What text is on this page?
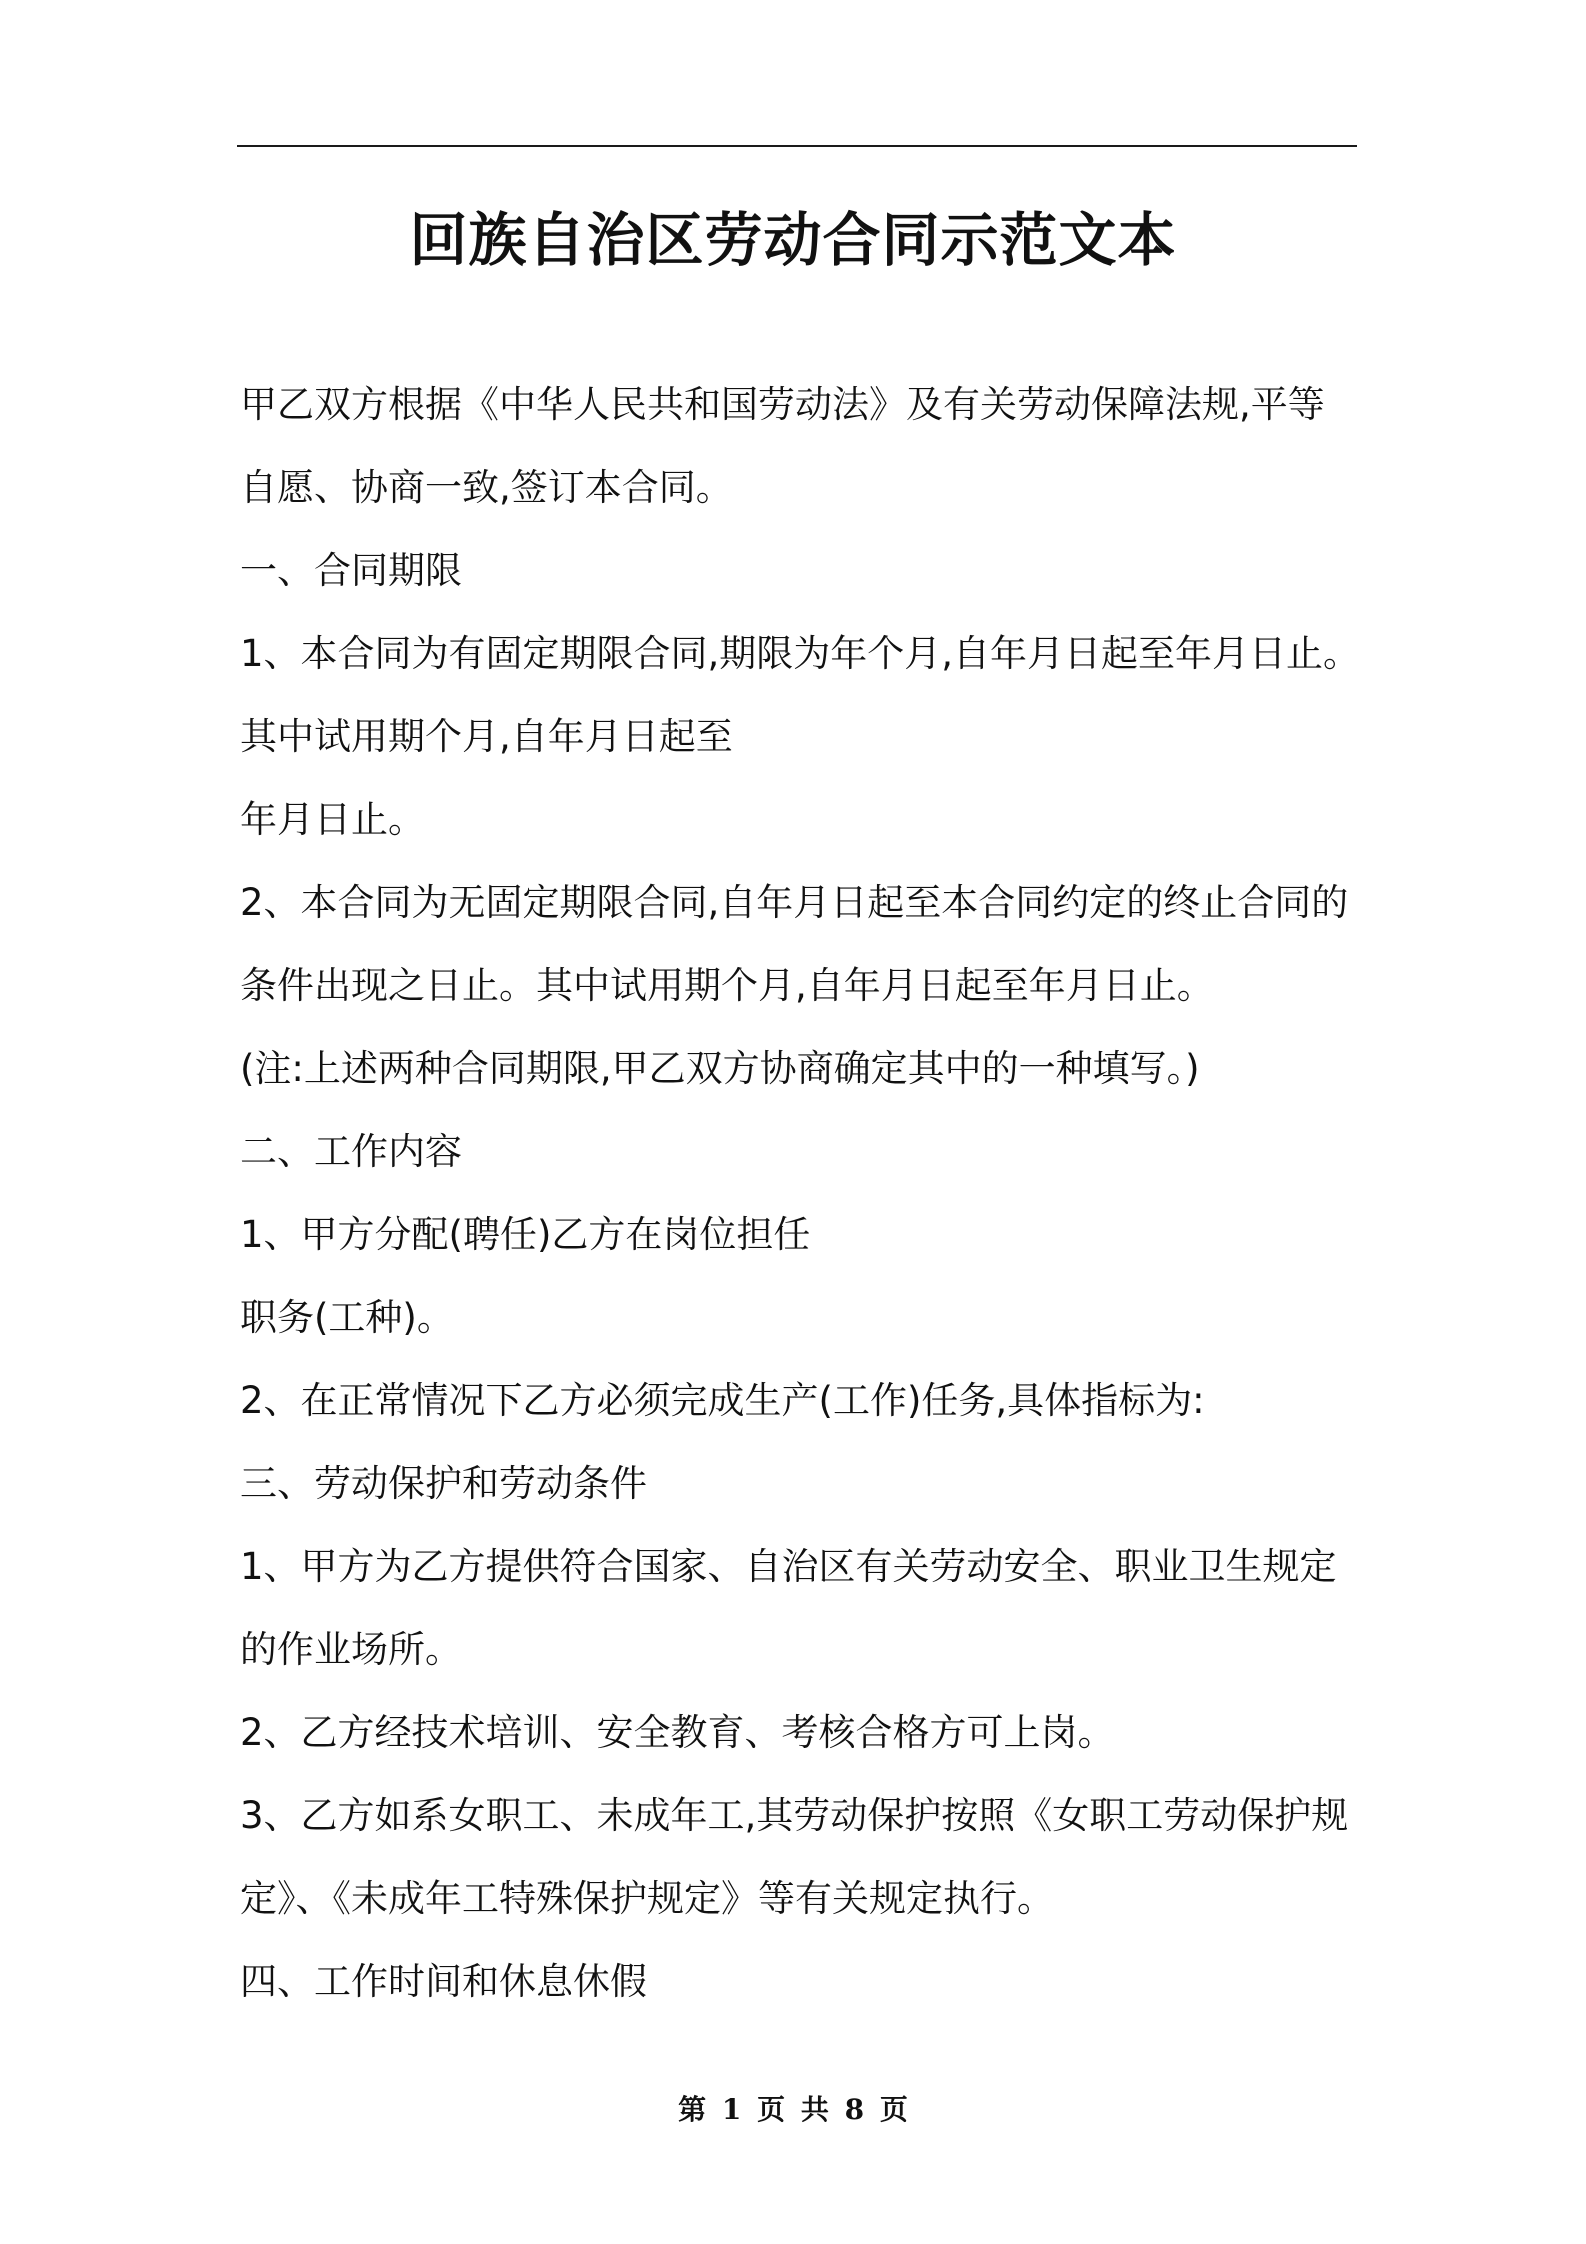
回族自治区劳动合同示范文本

甲乙双方根据《中华人民共和国劳动法》及有关劳动保障法规,平等

自愿、协商一致,签订本合同。

一、合同期限

1、本合同为有固定期限合同,期限为年个月,自年月日起至年月日止。

其中试用期个月,自年月日起至

年月日止。

2、本合同为无固定期限合同,自年月日起至本合同约定的终止合同的

条件出现之日止。其中试用期个月,自年月日起至年月日止。

(注:上述两种合同期限,甲乙双方协商确定其中的一种填写。)

二、工作内容

1、甲方分配(聘任)乙方在岗位担任

职务(工种)。

2、在正常情况下乙方必须完成生产(工作)任务,具体指标为:

三、劳动保护和劳动条件

1、甲方为乙方提供符合国家、自治区有关劳动安全、职业卫生规定

的作业场所。

2、乙方经技术培训、安全教育、考核合格方可上岗。

3、乙方如系女职工、未成年工,其劳动保护按照《女职工劳动保护规

定》、《未成年工特殊保护规定》等有关规定执行。

四、工作时间和休息休假

第 1 页 共 8 页
